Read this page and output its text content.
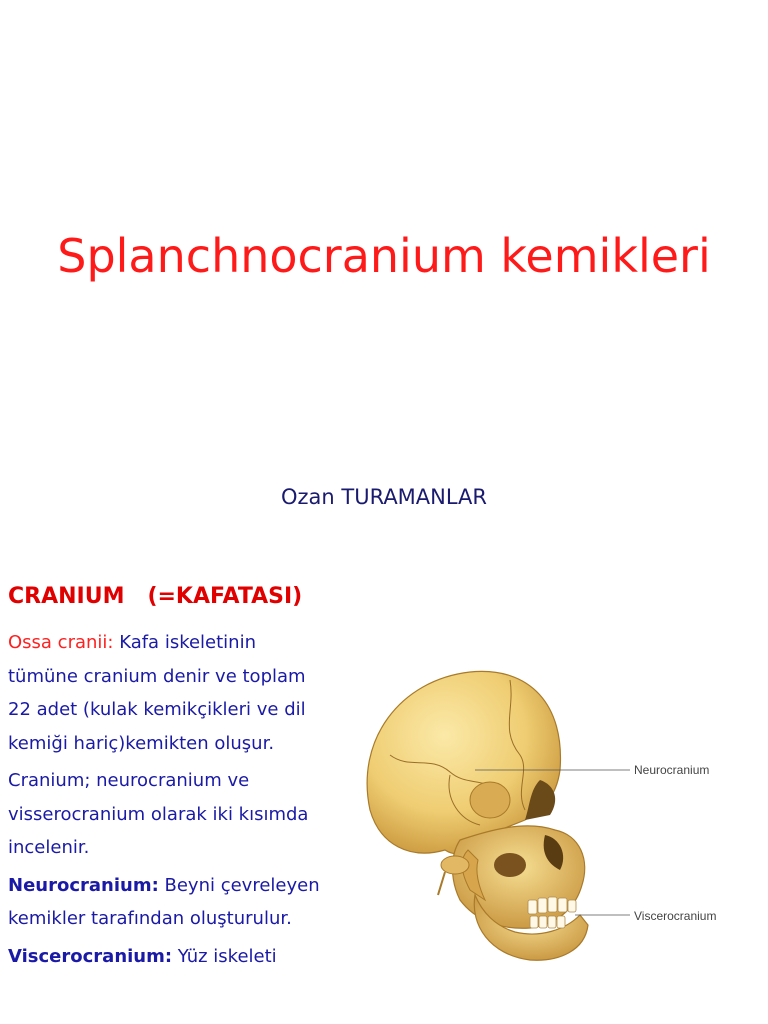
Splanchnocranium kemikleri
Ozan TURAMANLAR
CRANIUM   (=KAFATASI)

Ossa cranii: Kafa iskeletinin tümüne cranium denir ve toplam 22 adet (kulak kemikçikleri ve dil kemiği hariç)kemikten oluşur.

Cranium; neurocranium ve visserocranium olarak iki kısımda incelenir.

Neurocranium: Beyni çevreleyen kemikler tarafından oluşturulur.

Viscerocranium: Yüz iskeleti

Neurocranium
Viscerocranium
